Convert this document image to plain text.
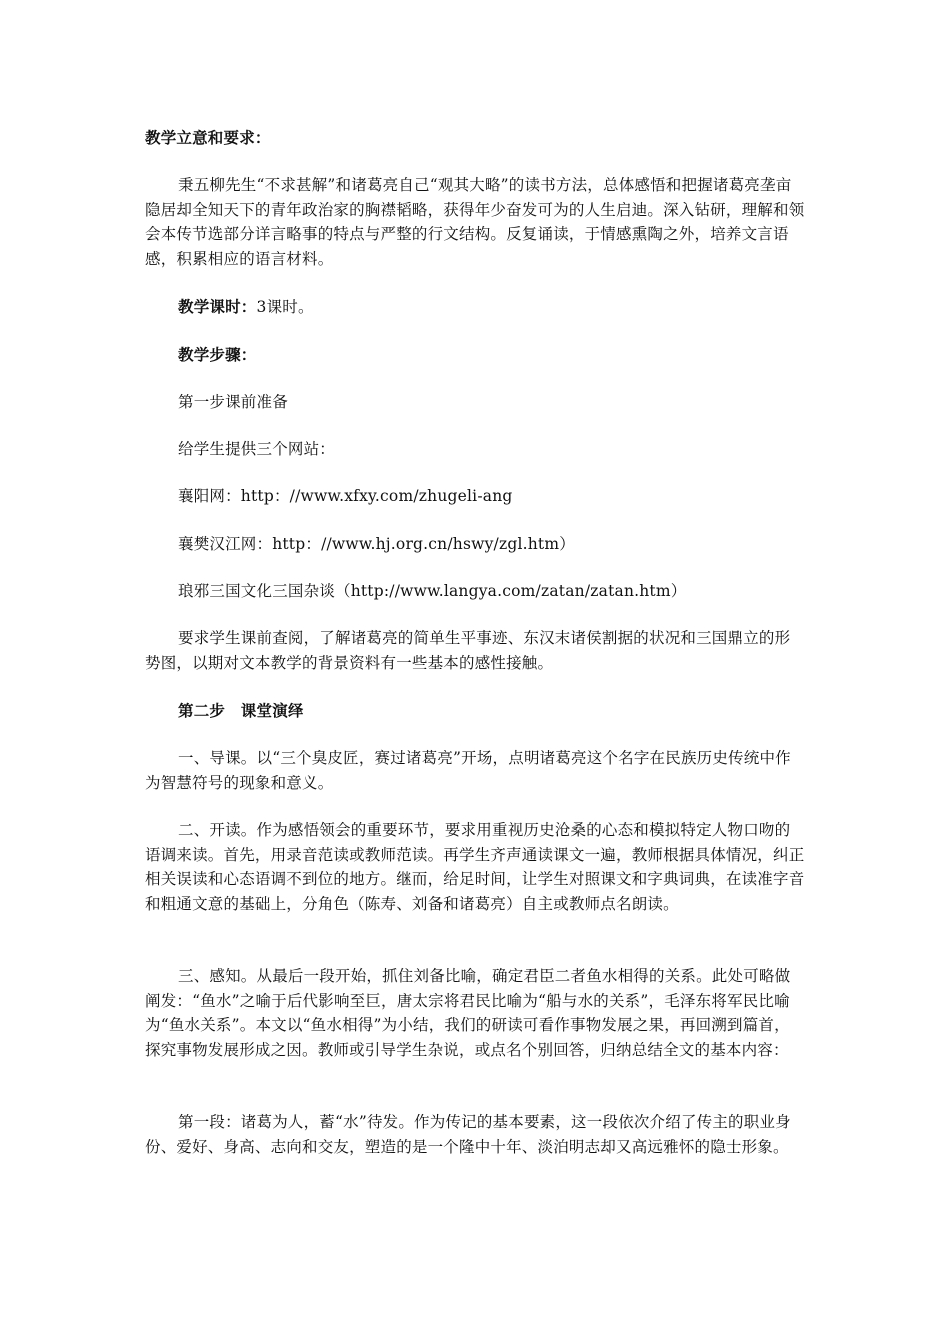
教学立意和要求：

秉五柳先生“不求甚解”和诸葛亮自己“观其大略”的读书方法，总体感悟和把握诸葛亮垄亩隐居却全知天下的青年政治家的胸襟韬略，获得年少奋发可为的人生启迪。深入钻研，理解和领会本传节选部分详言略事的特点与严整的行文结构。反复诵读，于情感熏陶之外，培养文言语感，积累相应的语言材料。

教学课时：3课时。

教学步骤：

第一步课前准备

给学生提供三个网站：

襄阳网：http：//www.xfxy.com/zhugeli-ang

襄樊汉江网：http：//www.hj.org.cn/hswy/zgl.htm）

琅邪三国文化三国杂谈（http://www.langya.com/zatan/zatan.htm）

要求学生课前查阅，了解诸葛亮的简单生平事迹、东汉末诸侯割据的状况和三国鼎立的形势图，以期对文本教学的背景资料有一些基本的感性接触。

第二步　课堂演绎

一、导课。以“三个臭皮匠，赛过诸葛亮”开场，点明诸葛亮这个名字在民族历史传统中作为智慧符号的现象和意义。

二、开读。作为感悟领会的重要环节，要求用重视历史沧桑的心态和模拟特定人物口吻的语调来读。首先，用录音范读或教师范读。再学生齐声通读课文一遍，教师根据具体情况，纠正相关误读和心态语调不到位的地方。继而，给足时间，让学生对照课文和字典词典，在读准字音和粗通文意的基础上，分角色（陈寿、刘备和诸葛亮）自主或教师点名朗读。

三、感知。从最后一段开始，抓住刘备比喻，确定君臣二者鱼水相得的关系。此处可略做阐发：“鱼水”之喻于后代影响至巨，唐太宗将君民比喻为“船与水的关系”，毛泽东将军民比喻为“鱼水关系”。本文以“鱼水相得”为小结，我们的研读可看作事物发展之果，再回溯到篇首，探究事物发展形成之因。教师或引导学生杂说，或点名个别回答，归纳总结全文的基本内容：

第一段：诸葛为人，蓄“水”待发。作为传记的基本要素，这一段依次介绍了传主的职业身份、爱好、身高、志向和交友，塑造的是一个隆中十年、淡泊明志却又高远雅怀的隐士形象。
